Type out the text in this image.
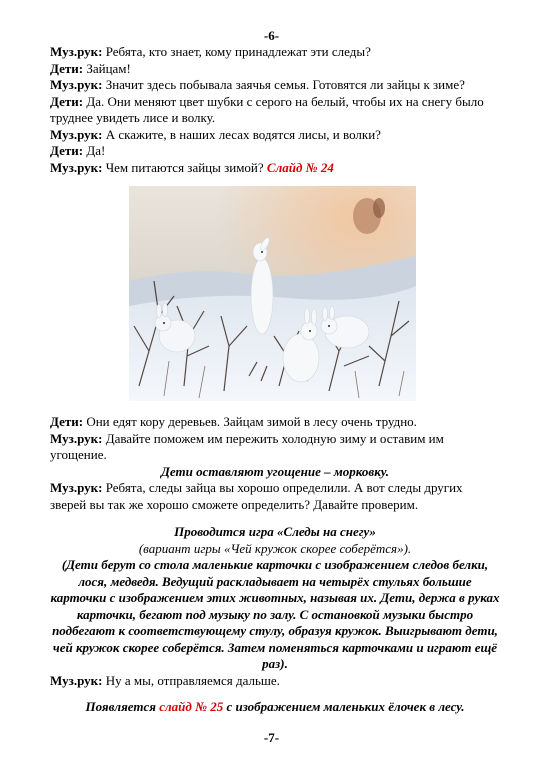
-6-

Муз.рук: Ребята, кто знает, кому принадлежат эти следы?

Дети: Зайцам!

Муз.рук: Значит здесь побывала заячья семья. Готовятся ли зайцы к зиме?

Дети: Да. Они меняют цвет шубки с серого на белый, чтобы их на снегу было труднее увидеть лисе и волку.

Муз.рук: А скажите, в наших лесах водятся лисы, и волки?

Дети: Да!

Муз.рук: Чем питаются зайцы зимой? Слайд № 24

Дети: Они едят кору деревьев. Зайцам зимой в лесу очень трудно.

Муз.рук: Давайте поможем им пережить холодную зиму и оставим им угощение.

Дети оставляют угощение – морковку.

Муз.рук: Ребята, следы зайца вы хорошо определили. А вот следы других зверей вы так же хорошо сможете определить? Давайте проверим.

Проводится игра «Следы на снегу»

(вариант игры «Чей кружок скорее соберётся»).

(Дети берут со стола маленькие карточки с изображением следов белки, лося, медведя. Ведущий раскладывает на четырёх стульях большие карточки с изображением этих животных, называя их. Дети, держа в руках карточки, бегают под музыку по залу. С остановкой музыки быстро подбегают к соответствующему стулу, образуя кружок. Выигрывают дети, чей кружок скорее соберётся. Затем поменяться карточками и играют ещё раз).

Муз.рук: Ну а мы, отправляемся дальше.

Появляется слайд № 25 с изображением маленьких ёлочек в лесу.
-7-
